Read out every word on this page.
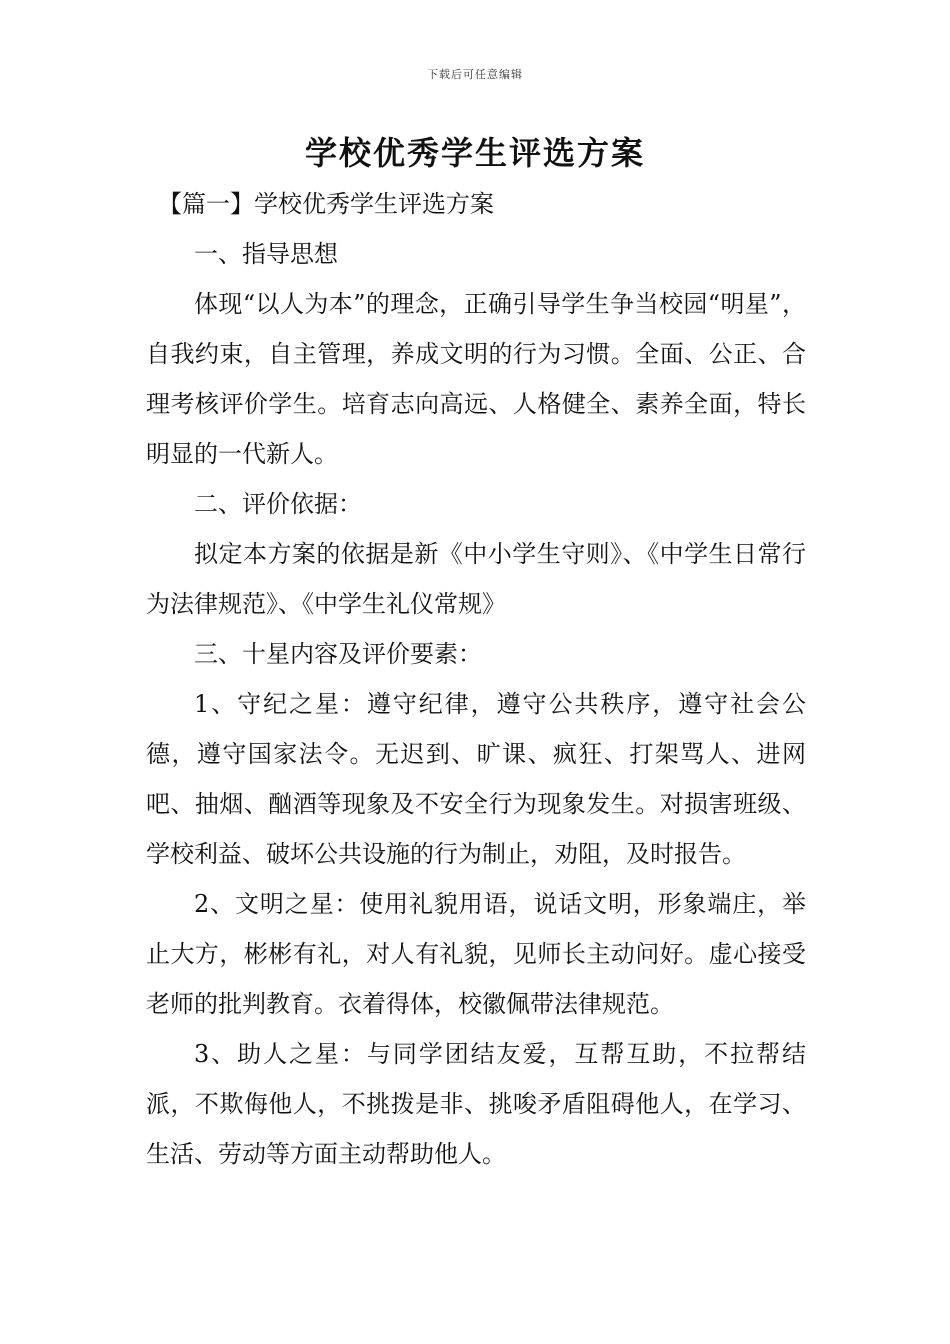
下载后可任意编辑
学校优秀学生评选方案

【篇一】学校优秀学生评选方案

一、指导思想

体现“以人为本”的理念，正确引导学生争当校园“明星”，自我约束，自主管理，养成文明的行为习惯。全面、公正、合理考核评价学生。培育志向高远、人格健全、素养全面，特长明显的一代新人。

二、评价依据：

拟定本方案的依据是新《中小学生守则》、《中学生日常行为法律规范》、《中学生礼仪常规》

三、十星内容及评价要素：

1、守纪之星：遵守纪律，遵守公共秩序，遵守社会公德，遵守国家法令。无迟到、旷课、疯狂、打架骂人、进网吧、抽烟、酗酒等现象及不安全行为现象发生。对损害班级、学校利益、破坏公共设施的行为制止，劝阻，及时报告。

2、文明之星：使用礼貌用语，说话文明，形象端庄，举止大方，彬彬有礼，对人有礼貌，见师长主动问好。虚心接受老师的批判教育。衣着得体，校徽佩带法律规范。

3、助人之星：与同学团结友爱，互帮互助，不拉帮结派，不欺侮他人，不挑拨是非、挑唆矛盾阻碍他人，在学习、生活、劳动等方面主动帮助他人。
